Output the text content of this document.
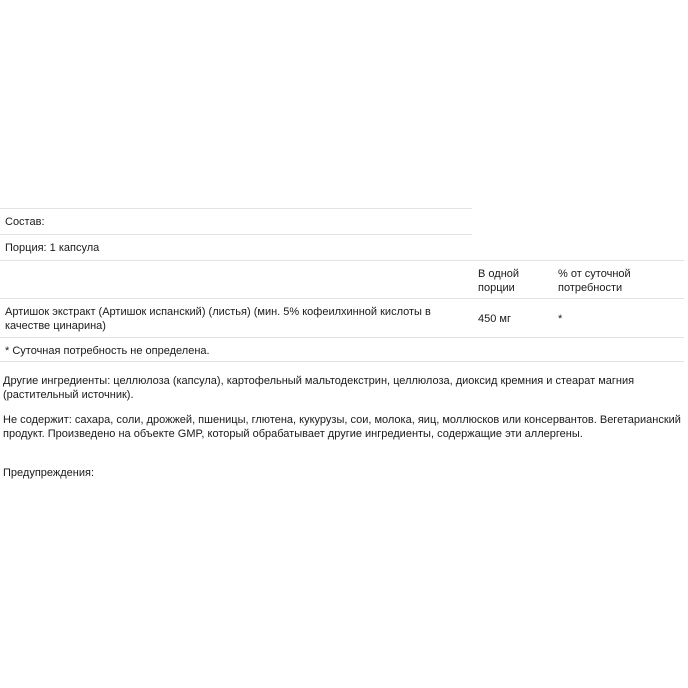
Состав:
Порция: 1 капсула
В одной порции
% от суточной потребности
Артишок экстракт (Артишок испанский) (листья) (мин. 5% кофеилхинной кислоты в качестве цинарина)
450 мг	*
* Суточная потребность не определена.
Другие ингредиенты: целлюлоза (капсула), картофельный мальтодекстрин, целлюлоза, диоксид кремния и стеарат магния (растительный источник).
Не содержит: сахара, соли, дрожжей, пшеницы, глютена, кукурузы, сои, молока, яиц, моллюсков или консервантов. Вегетарианский продукт. Произведено на объекте GMP, который обрабатывает другие ингредиенты, содержащие эти аллергены.
Предупреждения:
